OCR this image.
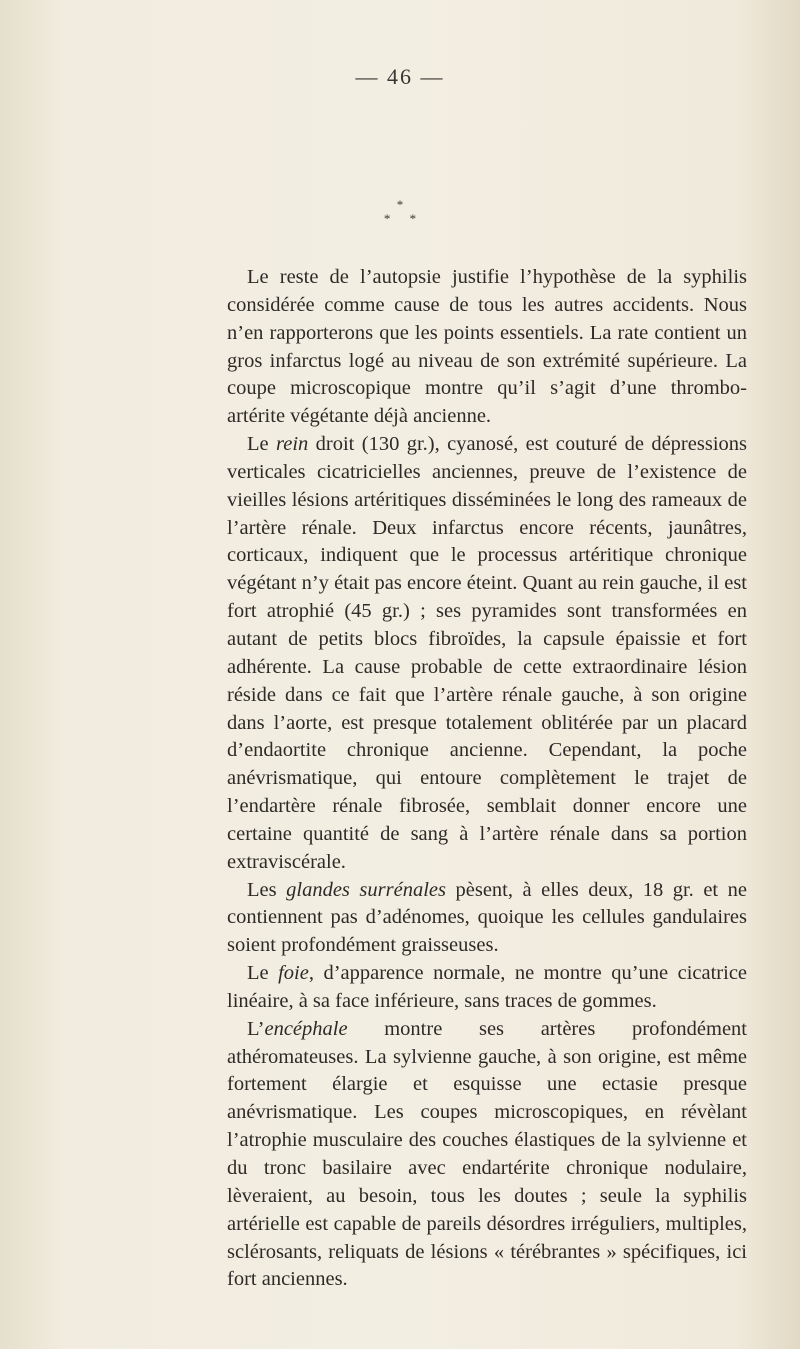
— 46 —
*
* *

Le reste de l’autopsie justifie l’hypothèse de la syphilis considérée comme cause de tous les autres accidents. Nous n’en rapporterons que les points essentiels. La rate contient un gros infarctus logé au niveau de son extrémité supérieure. La coupe microscopique montre qu’il s’agit d’une thrombo-artérite végétante déjà ancienne.

Le rein droit (130 gr.), cyanosé, est couturé de dépressions verticales cicatricielles anciennes, preuve de l’existence de vieilles lésions artéritiques disséminées le long des rameaux de l’artère rénale. Deux infarctus encore récents, jaunâtres, corticaux, indiquent que le processus artéritique chronique végétant n’y était pas encore éteint. Quant au rein gauche, il est fort atrophié (45 gr.) ; ses pyramides sont transformées en autant de petits blocs fibroïdes, la capsule épaissie et fort adhérente. La cause probable de cette extraordinaire lésion réside dans ce fait que l’artère rénale gauche, à son origine dans l’aorte, est presque totalement oblitérée par un placard d’endaortite chronique ancienne. Cependant, la poche anévrismatique, qui entoure complètement le trajet de l’endartère rénale fibrosée, semblait donner encore une certaine quantité de sang à l’artère rénale dans sa portion extraviscérale.

Les glandes surrénales pèsent, à elles deux, 18 gr. et ne contiennent pas d’adénomes, quoique les cellules gandulaires soient profondément graisseuses.

Le foie, d’apparence normale, ne montre qu’une cicatrice linéaire, à sa face inférieure, sans traces de gommes.

L’encéphale montre ses artères profondément athéromateuses. La sylvienne gauche, à son origine, est même fortement élargie et esquisse une ectasie presque anévrismatique. Les coupes microscopiques, en révèlant l’atrophie musculaire des couches élastiques de la sylvienne et du tronc basilaire avec endartérite chronique nodulaire, lèveraient, au besoin, tous les doutes ; seule la syphilis artérielle est capable de pareils désordres irréguliers, multiples, sclérosants, reliquats de lésions « térébrantes » spécifiques, ici fort anciennes.
